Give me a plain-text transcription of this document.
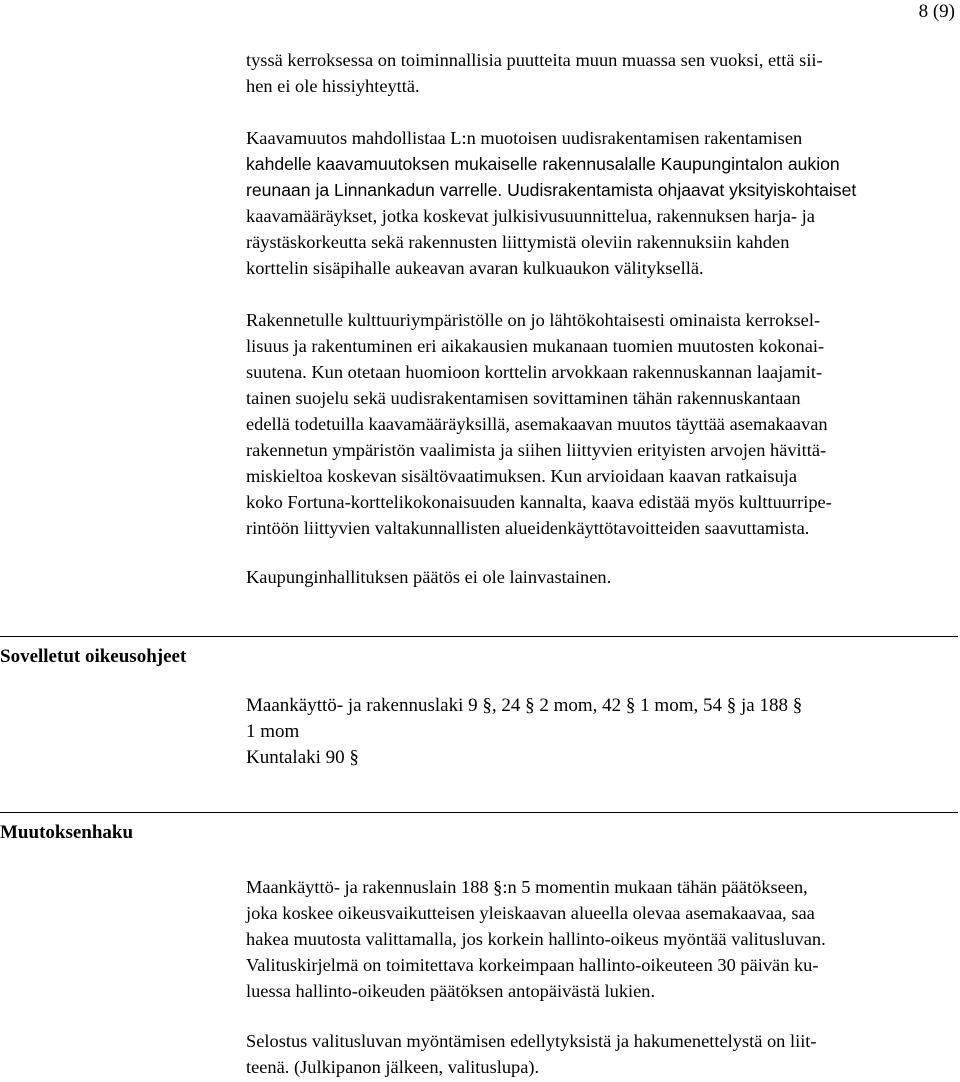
8 (9)
tyssä kerroksessa on toiminnallisia puutteita muun muassa sen vuoksi, että sii-
hen ei ole hissiyhteyttä.
Kaavamuutos mahdollistaa L:n muotoisen uudisrakentamisen rakentamisen
kahdelle kaavamuutoksen mukaiselle rakennusalalle Kaupungintalon aukion
reunaan ja Linnankadun varrelle. Uudisrakentamista ohjaavat yksityiskohtaiset
kaavamääräykset, jotka koskevat julkisivusuunnittelua, rakennuksen harja- ja
räystäskorkeutta sekä rakennusten liittymistä oleviin rakennuksiin kahden
korttelin sisäpihalle aukeavan avaran kulkuaukon välityksellä.
Rakennetulle kulttuuriympäristölle on jo lähtökohtaisesti ominaista kerroksel-
lisuus ja rakentuminen eri aikakausien mukanaan tuomien muutosten kokonai-
suutena. Kun otetaan huomioon korttelin arvokkaan rakennuskannan laajamit-
tainen suojelu sekä uudisrakentamisen sovittaminen tähän rakennuskantaan
edellä todetuilla kaavamääräyksillä, asemakaavan muutos täyttää asemakaavan
rakennetun ympäristön vaalimista ja siihen liittyvien erityisten arvojen hävittä-
miskieltoa koskevan sisältövaatimuksen. Kun arvioidaan kaavan ratkaisuja
koko Fortuna-korttelikokonaisuuden kannalta, kaava edistää myös kulttuurripe-
rintöön liittyvien valtakunnallisten alueidenkäyttötavoitteiden saavuttamista.
Kaupunginhallituksen päätös ei ole lainvastainen.
Sovelletut oikeusohjeet
Maankäyttö- ja rakennuslaki 9 §, 24 § 2 mom, 42 § 1 mom, 54 § ja 188 §
1 mom
Kuntalaki 90 §
Muutoksenhaku
Maankäyttö- ja rakennuslain 188 §:n 5 momentin mukaan tähän päätökseen,
joka koskee oikeusvaikutteisen yleiskaavan alueella olevaa asemakaavaa, saa
hakea muutosta valittamalla, jos korkein hallinto-oikeus myöntää valitusluvan.
Valituskirjelmä on toimitettava korkeimpaan hallinto-oikeuteen 30 päivän ku-
luessa hallinto-oikeuden päätöksen antopäivästä lukien.
Selostus valitusluvan myöntämisen edellytyksistä ja hakumenettelystä on liit-
teenä. (Julkipanon jälkeen, valituslupa).
